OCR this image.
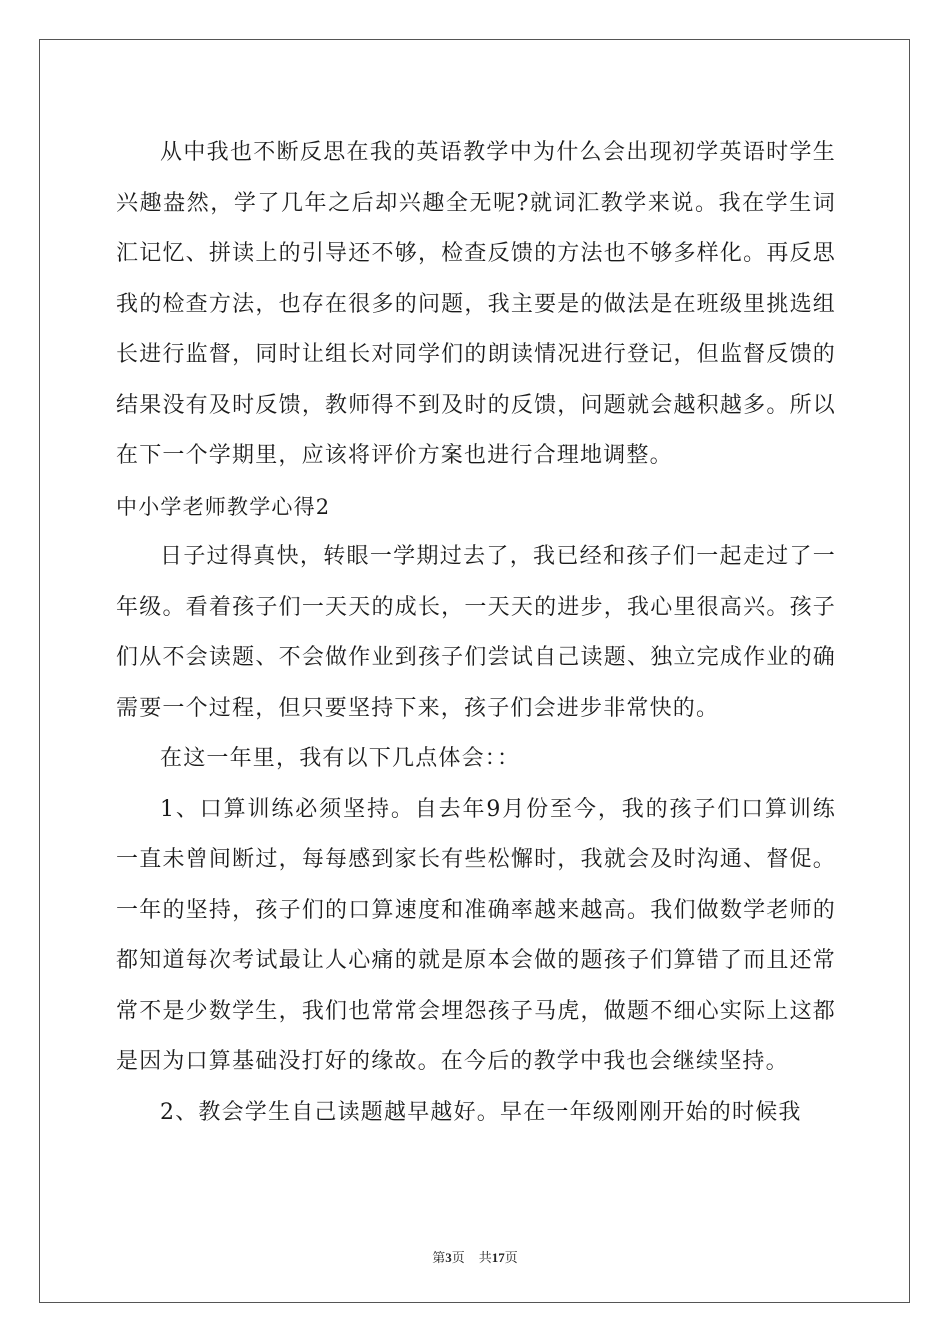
从中我也不断反思在我的英语教学中为什么会出现初学英语时学生兴趣盎然，学了几年之后却兴趣全无呢?就词汇教学来说。我在学生词汇记忆、拼读上的引导还不够，检查反馈的方法也不够多样化。再反思我的检查方法，也存在很多的问题，我主要是的做法是在班级里挑选组长进行监督，同时让组长对同学们的朗读情况进行登记，但监督反馈的结果没有及时反馈，教师得不到及时的反馈，问题就会越积越多。所以在下一个学期里，应该将评价方案也进行合理地调整。

中小学老师教学心得2

日子过得真快，转眼一学期过去了，我已经和孩子们一起走过了一年级。看着孩子们一天天的成长，一天天的进步，我心里很高兴。孩子们从不会读题、不会做作业到孩子们尝试自己读题、独立完成作业的确需要一个过程，但只要坚持下来，孩子们会进步非常快的。

在这一年里，我有以下几点体会：：

1、口算训练必须坚持。自去年9月份至今，我的孩子们口算训练一直未曾间断过，每每感到家长有些松懈时，我就会及时沟通、督促。一年的坚持，孩子们的口算速度和准确率越来越高。我们做数学老师的都知道每次考试最让人心痛的就是原本会做的题孩子们算错了而且还常常不是少数学生，我们也常常会埋怨孩子马虎，做题不细心实际上这都是因为口算基础没打好的缘故。在今后的教学中我也会继续坚持。

2、教会学生自己读题越早越好。早在一年级刚刚开始的时候我

第3页 共17页
